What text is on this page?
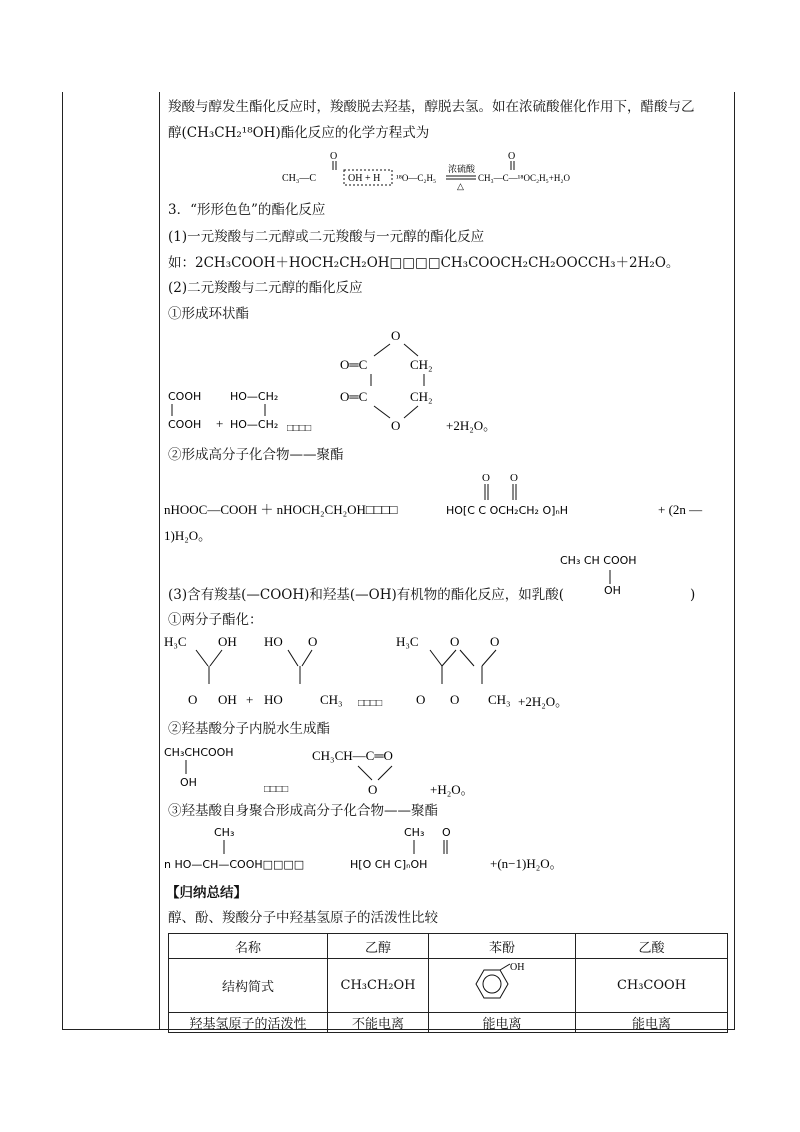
羧酸与醇发生酯化反应时，羧酸脱去羟基，醇脱去氢。如在浓硫酸催化作用下，醋酸与乙
醇(CH₃CH₂¹⁸OH)酯化反应的化学方程式为
O
CH₃—C	OH + H ¹⁸O—C₂H₅
浓硫酸
△
O
CH₃—C—¹⁸OC₂H₅+H₂O
3．“形形色色”的酯化反应
(1)一元羧酸与二元醇或二元羧酸与一元醇的酯化反应
如：2CH₃COOH＋HOCH₂CH₂OH□□□□CH₃COOCH₂CH₂OOCCH₃＋2H₂O。
(2)二元羧酸与二元醇的酯化反应
①形成环状酯
COOH
COOH +
HO—CH₂
HO—CH₂ □□□□
O
O═C	CH₂
O═C	CH₂
O	+2H₂O。
②形成高分子化合物——聚酯
nHOOC—COOH ＋ nHOCH₂CH₂OH□□□□
O O
HO[C C OCH₂CH₂ O]ₙH	+ (2n —
1)H₂O。
CH₃ CH COOH
OH
(3)含有羧基(—COOH)和羟基(—OH)有机物的酯化反应，如乳酸(	)
①两分子酯化：
H₃C OH
O OH +
HO O
HO	CH₃ □□□□
H₃C O O
O O CH₃ +2H₂O。
②羟基酸分子内脱水生成酯
CH₃CHCOOH
OH
□□□□
CH₃CH—C═O
O	+H₂O。
③羟基酸自身聚合形成高分子化合物——聚酯
CH₃
n HO—CH—COOH□□□□
CH₃ O
H[O CH C]ₙOH	+(n−1)H₂O。
【归纳总结】
醇、酚、羧酸分子中羟基氢原子的活泼性比较
名称	乙醇	苯酚	乙酸
结构简式	CH₃CH₂OH	OH	CH₃COOH
羟基氢原子的活泼性	不能电离	能电离	能电离
